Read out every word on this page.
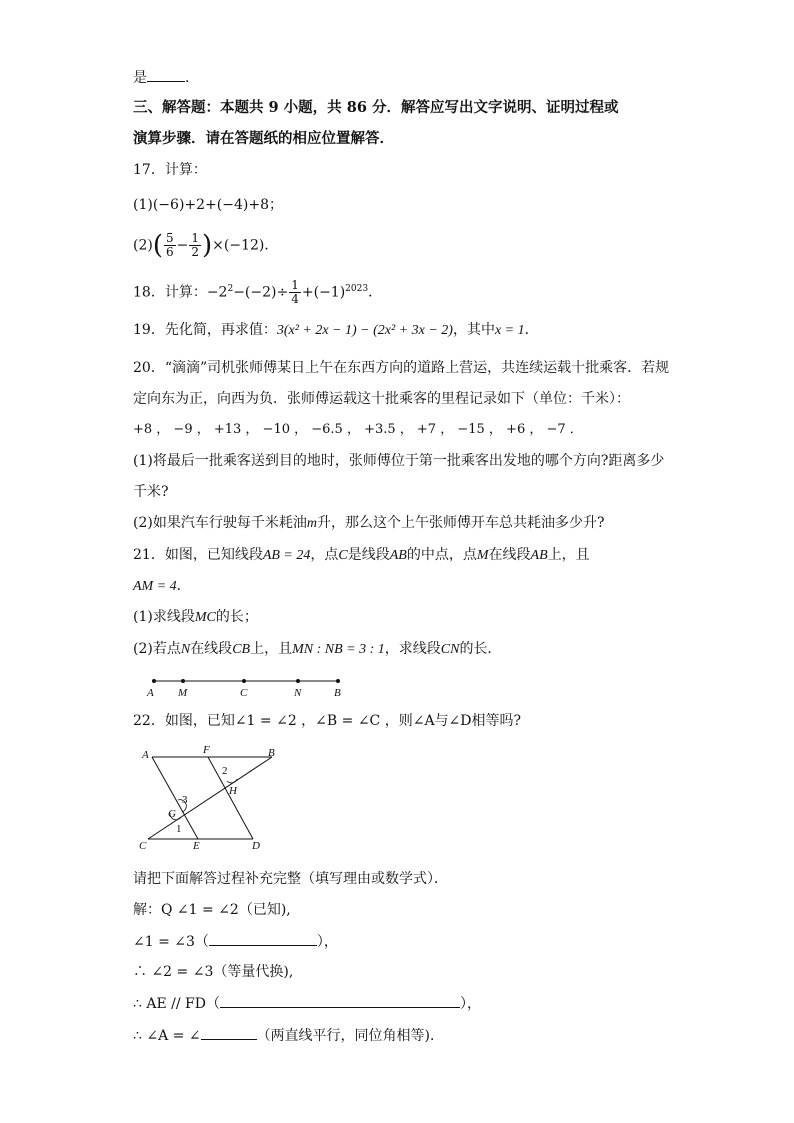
是	．
三、解答题：本题共 9 小题，共 86 分．解答应写出文字说明、证明过程或
演算步骤．请在答题纸的相应位置解答．
17．计算：
(1)(−6)+2+(−4)+8；
$(2)( \frac{5}{6} - \frac{1}{2} )\times(-12)$．
18．计算：$-2^2-(-2)\div \frac{1}{4} +(-1)^{2023}$．
19．先化简，再求值：3(x² + 2x − 1) − (2x² + 3x − 2)，其中x = 1．
20．“滴滴”司机张师傅某日上午在东西方向的道路上营运，共连续运载十批乘客．若规
定向东为正，向西为负．张师傅运载这十批乘客的里程记录如下（单位：千米）：
+8 ， −9 ， +13 ， −10 ， −6.5 ， +3.5 ， +7 ， −15 ， +6 ， −7 ．
(1)将最后一批乘客送到目的地时，张师傅位于第一批乘客出发地的哪个方向?距离多少
千米?
(2)如果汽车行驶每千米耗油m升，那么这个上午张师傅开车总共耗油多少升?
21．如图，已知线段AB = 24，点C是线段AB的中点，点M在线段AB上，且
AM = 4．
(1)求线段MC的长；
(2)若点N在线段CB上，且MN : NB = 3 : 1，求线段CN的长．
A M	C	N	B
22．如图，已知∠1 = ∠2 ，∠B = ∠C ，则∠A与∠D相等吗?
A	F	B
H
G
C	E	D
1
2
3
请把下面解答过程补充完整（填写理由或数学式）．
解：Q ∠1 = ∠2（已知),
∠1 = ∠3（	），
∴ ∠2 = ∠3（等量代换),
∴ AE // FD（	），
∴ ∠A = ∠	（两直线平行，同位角相等)．
